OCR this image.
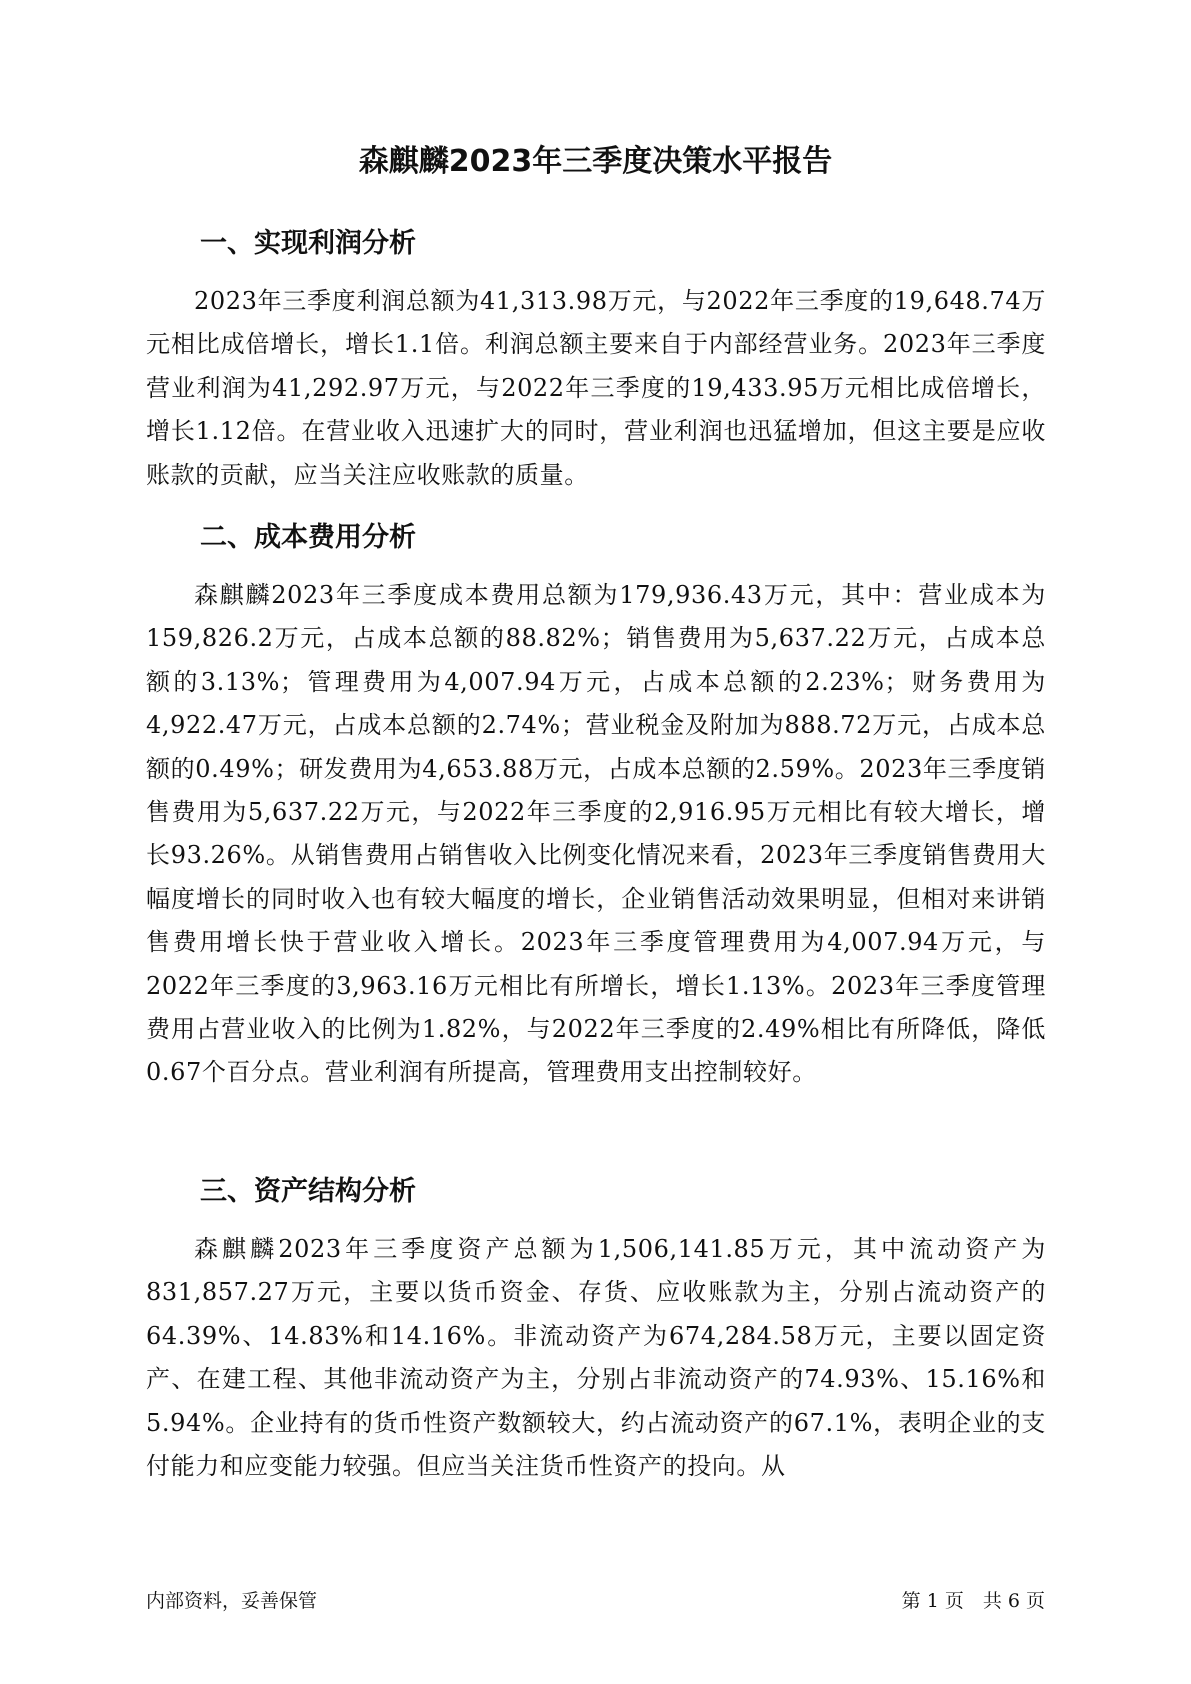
森麒麟2023年三季度决策水平报告
一、实现利润分析

2023年三季度利润总额为41,313.98万元，与2022年三季度的19,648.74万元相比成倍增长，增长1.1倍。利润总额主要来自于内部经营业务。2023年三季度营业利润为41,292.97万元，与2022年三季度的19,433.95万元相比成倍增长，增长1.12倍。在营业收入迅速扩大的同时，营业利润也迅猛增加，但这主要是应收账款的贡献，应当关注应收账款的质量。

二、成本费用分析

森麒麟2023年三季度成本费用总额为179,936.43万元，其中：营业成本为159,826.2万元，占成本总额的88.82%；销售费用为5,637.22万元，占成本总额的3.13%；管理费用为4,007.94万元，占成本总额的2.23%；财务费用为4,922.47万元，占成本总额的2.74%；营业税金及附加为888.72万元，占成本总额的0.49%；研发费用为4,653.88万元，占成本总额的2.59%。2023年三季度销售费用为5,637.22万元，与2022年三季度的2,916.95万元相比有较大增长，增长93.26%。从销售费用占销售收入比例变化情况来看，2023年三季度销售费用大幅度增长的同时收入也有较大幅度的增长，企业销售活动效果明显，但相对来讲销售费用增长快于营业收入增长。2023年三季度管理费用为4,007.94万元，与2022年三季度的3,963.16万元相比有所增长，增长1.13%。2023年三季度管理费用占营业收入的比例为1.82%，与2022年三季度的2.49%相比有所降低，降低0.67个百分点。营业利润有所提高，管理费用支出控制较好。

三、资产结构分析

森麒麟2023年三季度资产总额为1,506,141.85万元，其中流动资产为831,857.27万元，主要以货币资金、存货、应收账款为主，分别占流动资产的64.39%、14.83%和14.16%。非流动资产为674,284.58万元，主要以固定资产、在建工程、其他非流动资产为主，分别占非流动资产的74.93%、15.16%和5.94%。企业持有的货币性资产数额较大，约占流动资产的67.1%，表明企业的支付能力和应变能力较强。但应当关注货币性资产的投向。从

内部资料，妥善保管	第 1 页　共 6 页
